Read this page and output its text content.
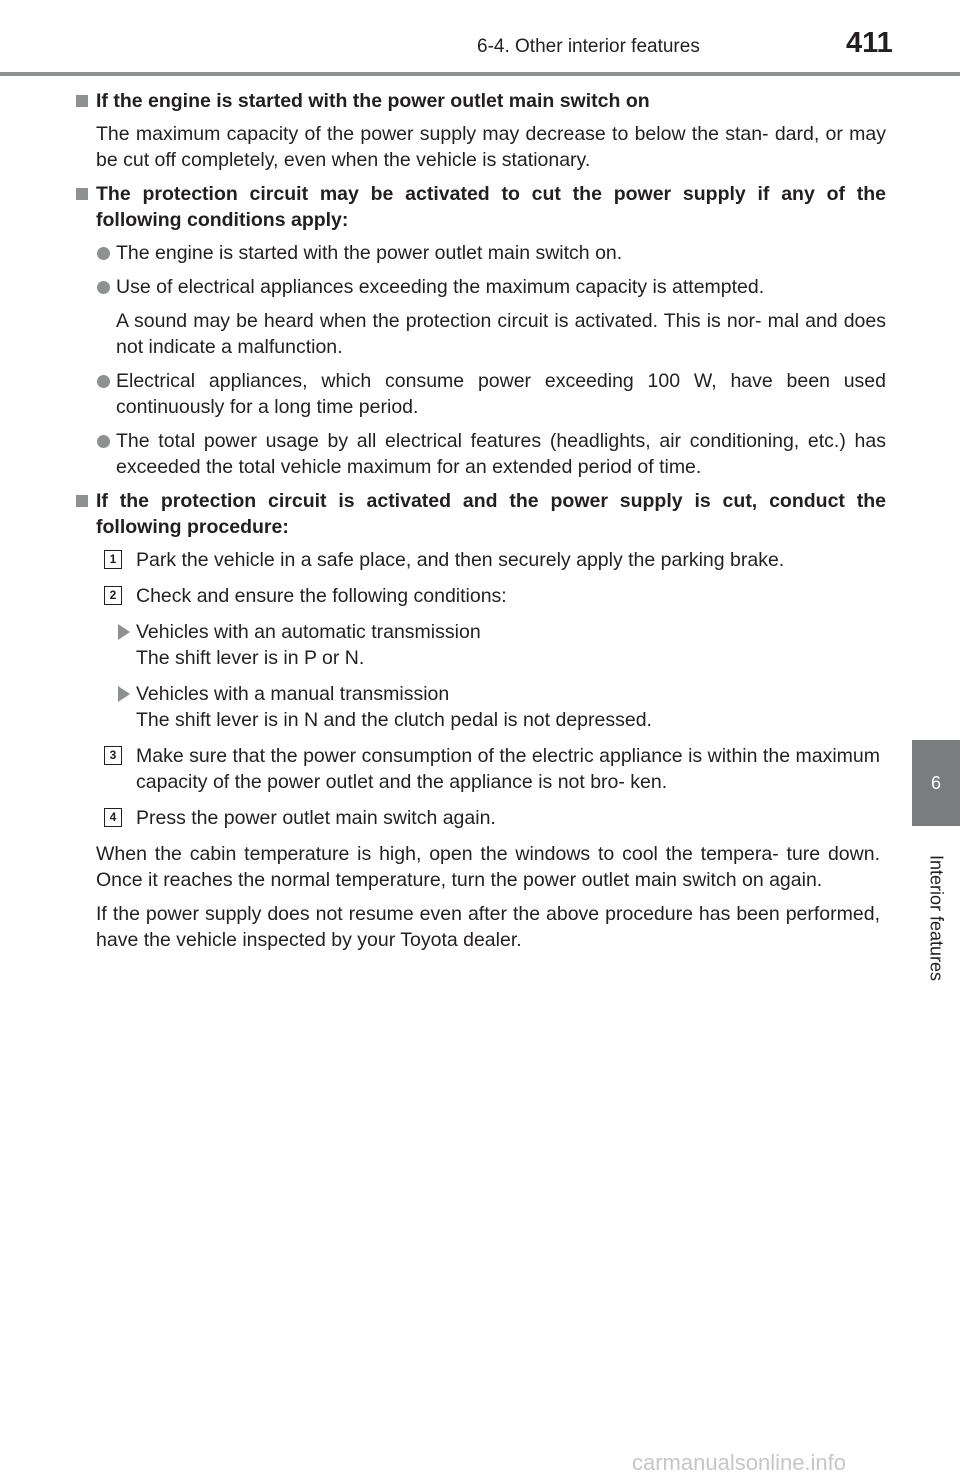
6-4. Other interior features	411
6
Interior features
If the engine is started with the power outlet main switch on
The maximum capacity of the power supply may decrease to below the stan- dard, or may be cut off completely, even when the vehicle is stationary.
The protection circuit may be activated to cut the power supply if any of the following conditions apply:
The engine is started with the power outlet main switch on.
Use of electrical appliances exceeding the maximum capacity is attempted.
A sound may be heard when the protection circuit is activated. This is nor- mal and does not indicate a malfunction.
Electrical appliances, which consume power exceeding 100 W, have been used continuously for a long time period.
The total power usage by all electrical features (headlights, air conditioning, etc.) has exceeded the total vehicle maximum for an extended period of time.
If the protection circuit is activated and the power supply is cut, conduct the following procedure:
1 Park the vehicle in a safe place, and then securely apply the parking brake.
2 Check and ensure the following conditions:
Vehicles with an automatic transmission
The shift lever is in P or N.
Vehicles with a manual transmission
The shift lever is in N and the clutch pedal is not depressed.
3 Make sure that the power consumption of the electric appliance is within the maximum capacity of the power outlet and the appliance is not bro- ken.
4 Press the power outlet main switch again.
When the cabin temperature is high, open the windows to cool the tempera- ture down. Once it reaches the normal temperature, turn the power outlet main switch on again.
If the power supply does not resume even after the above procedure has been performed, have the vehicle inspected by your Toyota dealer.
carmanualsonline.info
